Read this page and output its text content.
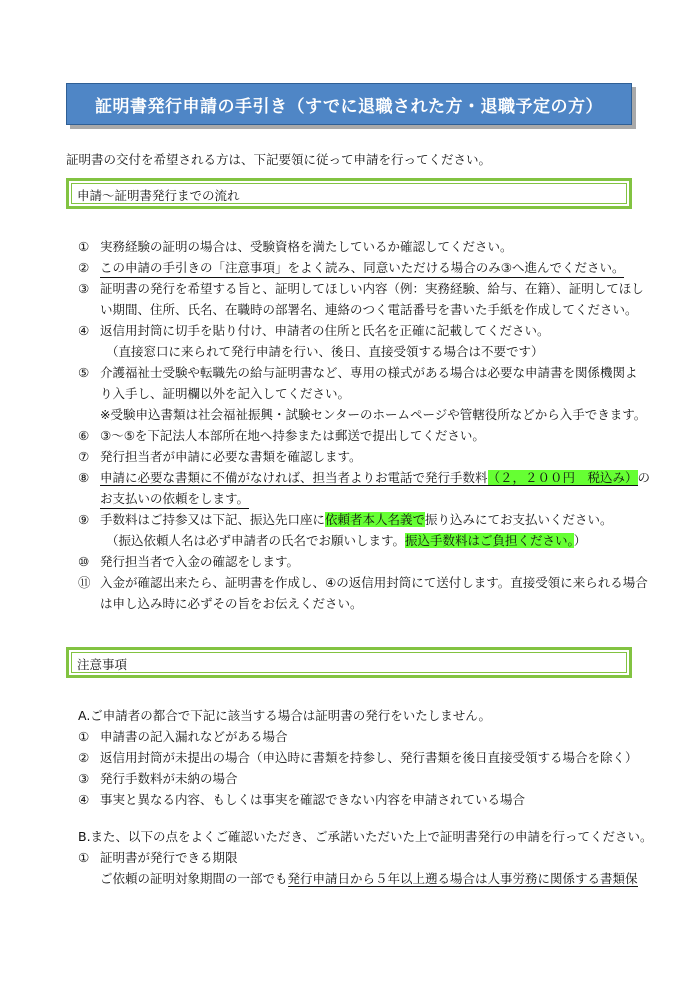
証明書発行申請の手引き（すでに退職された方・退職予定の方）
証明書の交付を希望される方は、下記要領に従って申請を行ってください。
申請～証明書発行までの流れ
① 実務経験の証明の場合は、受験資格を満たしているか確認してください。
② この申請の手引きの「注意事項」をよく読み、同意いただける場合のみ③へ進んでください。
③ 証明書の発行を希望する旨と、証明してほしい内容（例：実務経験、給与、在籍）、証明してほし
い期間、住所、氏名、在職時の部署名、連絡のつく電話番号を書いた手紙を作成してください。
④ 返信用封筒に切手を貼り付け、申請者の住所と氏名を正確に記載してください。
（直接窓口に来られて発行申請を行い、後日、直接受領する場合は不要です）
⑤ 介護福祉士受験や転職先の給与証明書など、専用の様式がある場合は必要な申請書を関係機関よ
り入手し、証明欄以外を記入してください。
※受験申込書類は社会福祉振興・試験センターのホームページや管轄役所などから入手できます。
⑥ ③～⑤を下記法人本部所在地へ持参または郵送で提出してください。
⑦ 発行担当者が申請に必要な書類を確認します。
⑧ 申請に必要な書類に不備がなければ、担当者よりお電話で発行手数料（２，２００円　税込み）の
お支払いの依頼をします。
⑨ 手数料はご持参又は下記、振込先口座に依頼者本人名義で振り込みにてお支払いください。
（振込依頼人名は必ず申請者の氏名でお願いします。振込手数料はご負担ください。）
⑩ 発行担当者で入金の確認をします。
⑪ 入金が確認出来たら、証明書を作成し、④の返信用封筒にて送付します。直接受領に来られる場合
は申し込み時に必ずその旨をお伝えください。
注意事項
A.ご申請者の都合で下記に該当する場合は証明書の発行をいたしません。
① 申請書の記入漏れなどがある場合
② 返信用封筒が未提出の場合（申込時に書類を持参し、発行書類を後日直接受領する場合を除く）
③ 発行手数料が未納の場合
④ 事実と異なる内容、もしくは事実を確認できない内容を申請されている場合
B.また、以下の点をよくご確認いただき、ご承諾いただいた上で証明書発行の申請を行ってください。
① 証明書が発行できる期限
ご依頼の証明対象期間の一部でも発行申請日から５年以上遡る場合は人事労務に関係する書類保
